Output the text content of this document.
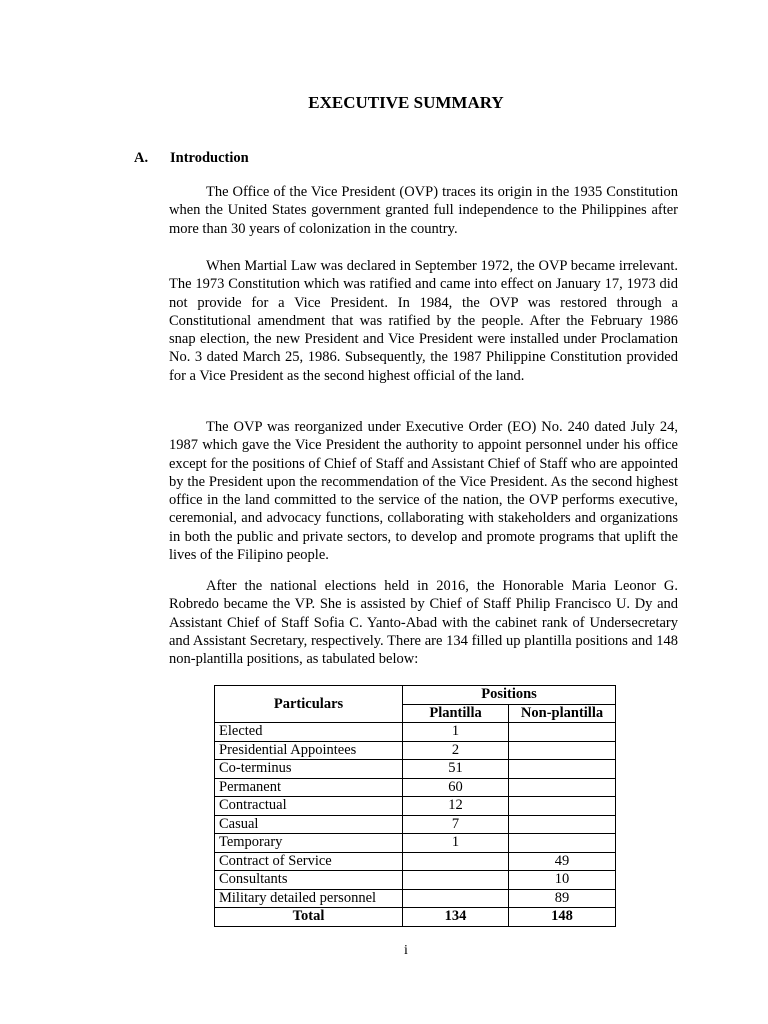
EXECUTIVE SUMMARY
A. Introduction

The Office of the Vice President (OVP) traces its origin in the 1935 Constitution when the United States government granted full independence to the Philippines after more than 30 years of colonization in the country.

When Martial Law was declared in September 1972, the OVP became irrelevant. The 1973 Constitution which was ratified and came into effect on January 17, 1973 did not provide for a Vice President. In 1984, the OVP was restored through a Constitutional amendment that was ratified by the people. After the February 1986 snap election, the new President and Vice President were installed under Proclamation No. 3 dated March 25, 1986. Subsequently, the 1987 Philippine Constitution provided for a Vice President as the second highest official of the land.

The OVP was reorganized under Executive Order (EO) No. 240 dated July 24, 1987 which gave the Vice President the authority to appoint personnel under his office except for the positions of Chief of Staff and Assistant Chief of Staff who are appointed by the President upon the recommendation of the Vice President. As the second highest office in the land committed to the service of the nation, the OVP performs executive, ceremonial, and advocacy functions, collaborating with stakeholders and organizations in both the public and private sectors, to develop and promote programs that uplift the lives of the Filipino people.

After the national elections held in 2016, the Honorable Maria Leonor G. Robredo became the VP. She is assisted by Chief of Staff Philip Francisco U. Dy and Assistant Chief of Staff Sofia C. Yanto-Abad with the cabinet rank of Undersecretary and Assistant Secretary, respectively. There are 134 filled up plantilla positions and 148 non-plantilla positions, as tabulated below:

Particulars	Positions	
	Plantilla	Non-plantilla
Elected	1	
Presidential Appointees	2	
Co-terminus	51	
Permanent	60	
Contractual	12	
Casual	7	
Temporary	1	
Contract of Service		49
Consultants		10
Military detailed personnel		89
Total	134	148
i
